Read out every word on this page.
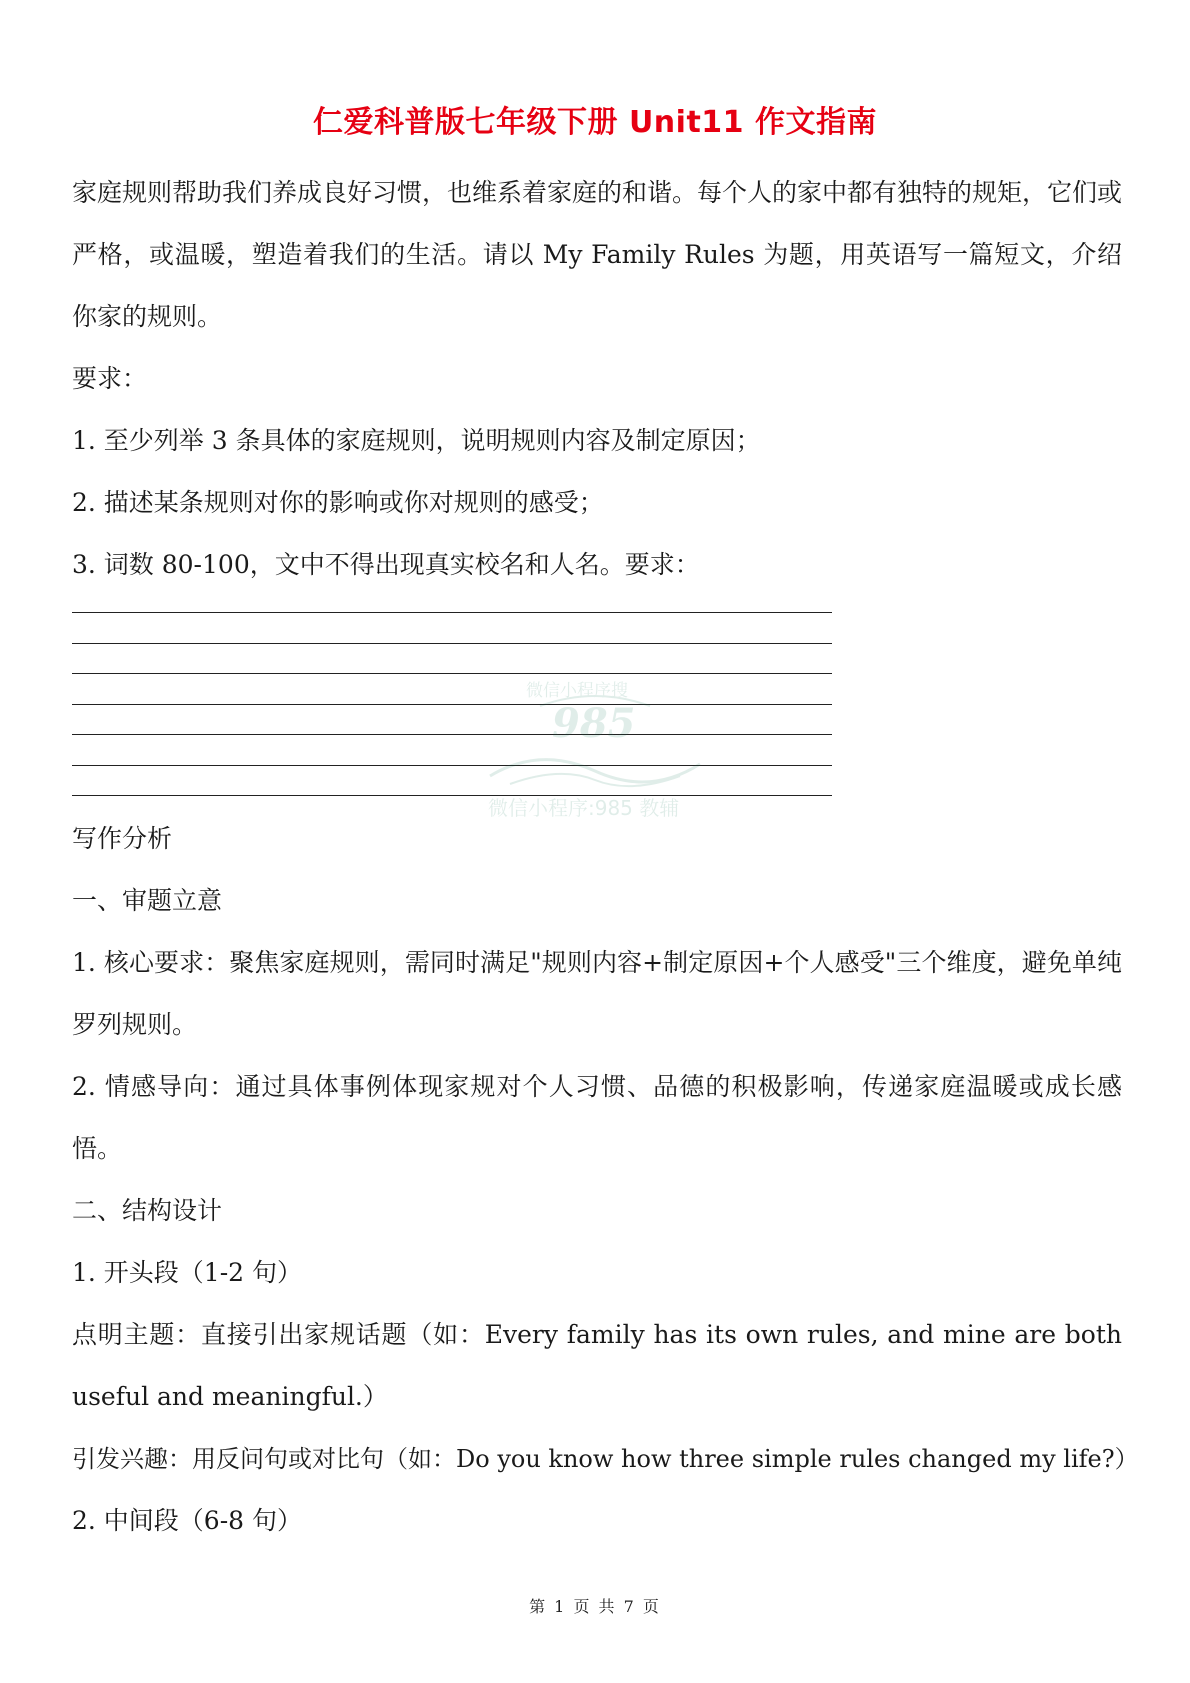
仁爱科普版七年级下册 Unit11 作文指南

家庭规则帮助我们养成良好习惯，也维系着家庭的和谐。每个人的家中都有独特的规矩，它们或严格，或温暖，塑造着我们的生活。请以 My Family Rules 为题，用英语写一篇短文，介绍你家的规则。

要求：

1. 至少列举 3 条具体的家庭规则，说明规则内容及制定原因；

2. 描述某条规则对你的影响或你对规则的感受；

3. 词数 80-100，文中不得出现真实校名和人名。要求：

微信小程序搜
985
微信小程序:985 教辅

写作分析

一、审题立意

1. 核心要求：聚焦家庭规则，需同时满足"规则内容+制定原因+个人感受"三个维度，避免单纯罗列规则。

2. 情感导向：通过具体事例体现家规对个人习惯、品德的积极影响，传递家庭温暖或成长感悟。

二、结构设计

1. 开头段（1-2 句）

点明主题：直接引出家规话题（如：Every family has its own rules, and mine are both useful and meaningful.）

引发兴趣：用反问句或对比句（如：Do you know how three simple rules changed my life?）

2. 中间段（6-8 句）

第 1 页 共 7 页
